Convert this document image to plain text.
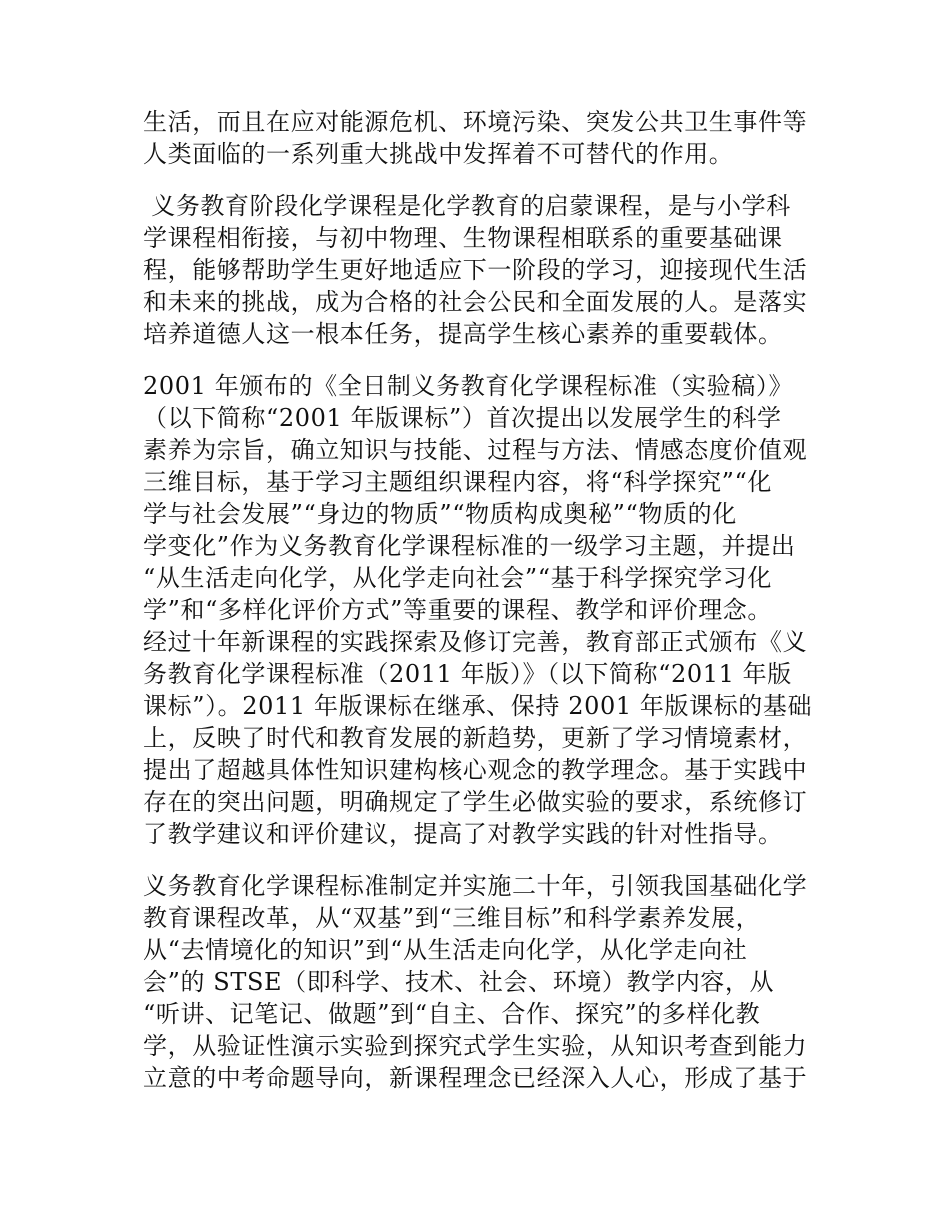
生活，而且在应对能源危机、环境污染、突发公共卫生事件等
人类面临的一系列重大挑战中发挥着不可替代的作用。
义务教育阶段化学课程是化学教育的启蒙课程，是与小学科
学课程相衔接，与初中物理、生物课程相联系的重要基础课
程，能够帮助学生更好地适应下一阶段的学习，迎接现代生活
和未来的挑战，成为合格的社会公民和全面发展的人。是落实
培养道德人这一根本任务，提高学生核心素养的重要载体。
2001 年颁布的《全日制义务教育化学课程标准（实验稿）》
（以下简称“2001 年版课标”）首次提出以发展学生的科学
素养为宗旨，确立知识与技能、过程与方法、情感态度价值观
三维目标，基于学习主题组织课程内容，将“科学探究”“化
学与社会发展”“身边的物质”“物质构成奥秘”“物质的化
学变化”作为义务教育化学课程标准的一级学习主题，并提出
“从生活走向化学，从化学走向社会”“基于科学探究学习化
学”和“多样化评价方式”等重要的课程、教学和评价理念。
经过十年新课程的实践探索及修订完善，教育部正式颁布《义
务教育化学课程标准（2011 年版）》（以下简称“2011 年版
课标”）。2011 年版课标在继承、保持 2001 年版课标的基础
上，反映了时代和教育发展的新趋势，更新了学习情境素材，
提出了超越具体性知识建构核心观念的教学理念。基于实践中
存在的突出问题，明确规定了学生必做实验的要求，系统修订
了教学建议和评价建议，提高了对教学实践的针对性指导。
义务教育化学课程标准制定并实施二十年，引领我国基础化学
教育课程改革，从“双基”到“三维目标”和科学素养发展，
从“去情境化的知识”到“从生活走向化学，从化学走向社
会”的 STSE（即科学、技术、社会、环境）教学内容，从
“听讲、记笔记、做题”到“自主、合作、探究”的多样化教
学，从验证性演示实验到探究式学生实验，从知识考查到能力
立意的中考命题导向，新课程理念已经深入人心，形成了基于
